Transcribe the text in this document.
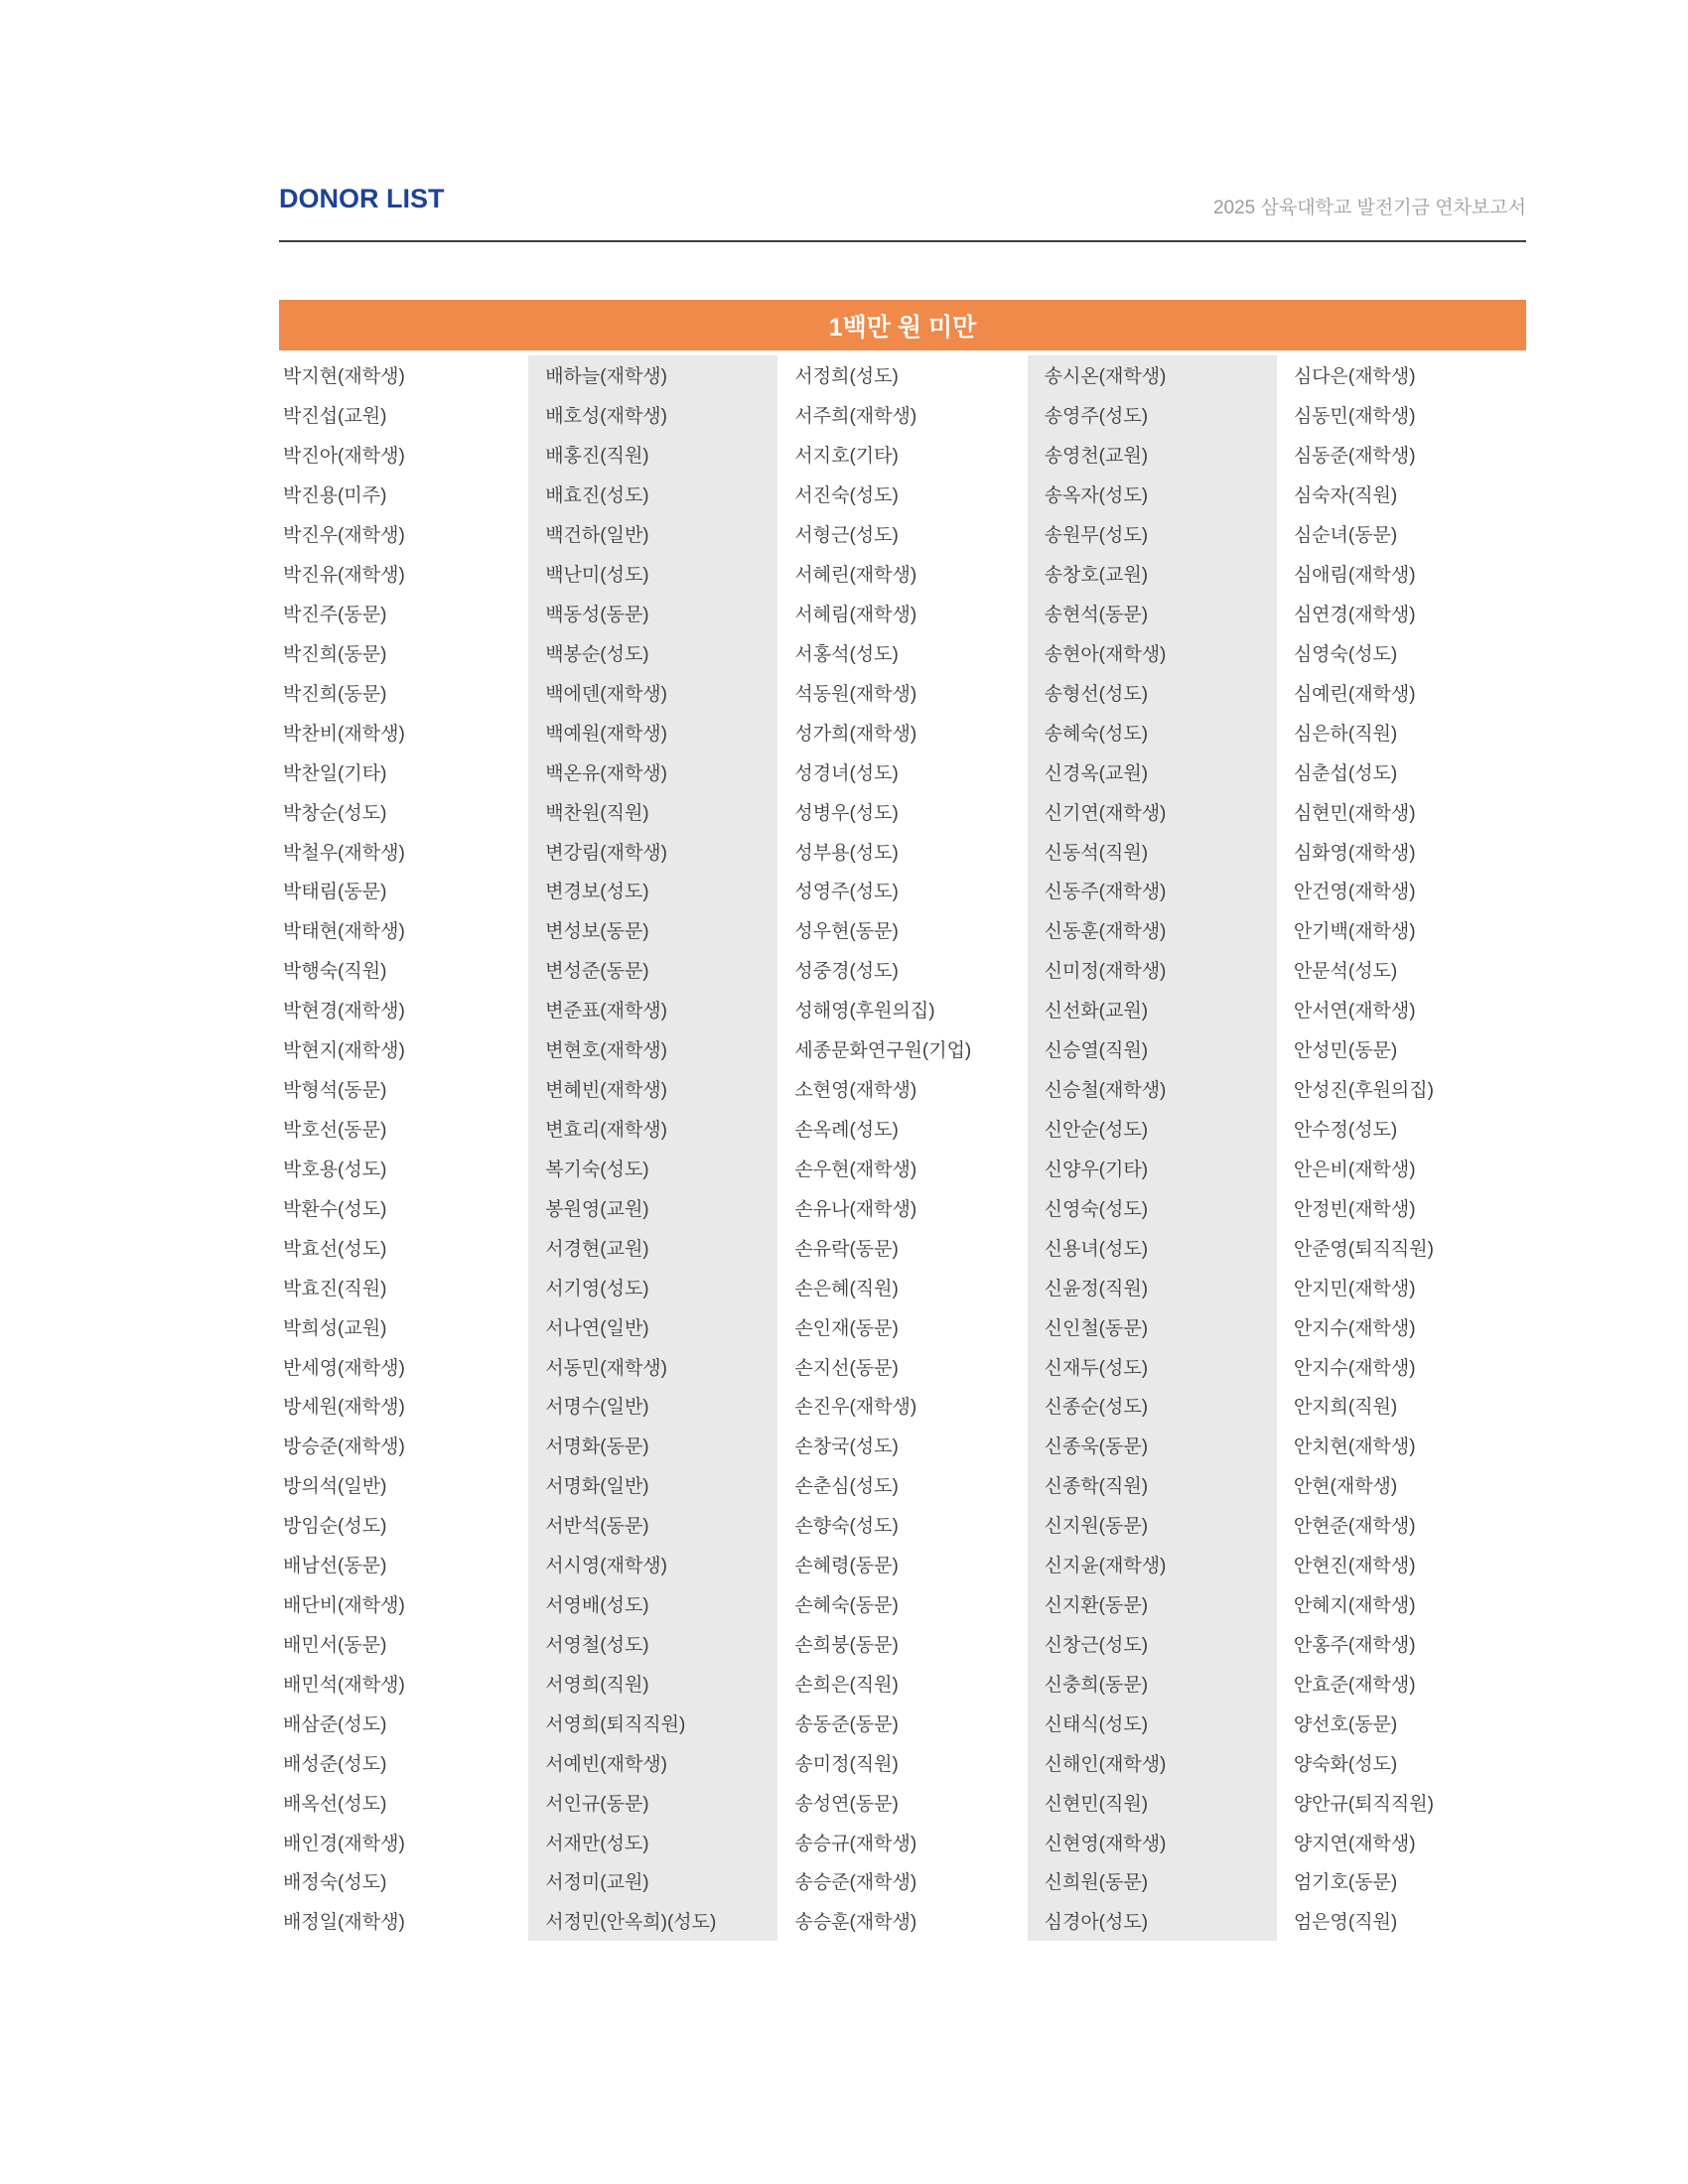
DONOR LIST	2025 삼육대학교 발전기금 연차보고서
1백만 원 미만
박지현(재학생)
박진섭(교원)
박진아(재학생)
박진용(미주)
박진우(재학생)
박진유(재학생)
박진주(동문)
박진희(동문)
박진희(동문)
박찬비(재학생)
박찬일(기타)
박창순(성도)
박철우(재학생)
박태림(동문)
박태현(재학생)
박행숙(직원)
박현경(재학생)
박현지(재학생)
박형석(동문)
박호선(동문)
박호용(성도)
박환수(성도)
박효선(성도)
박효진(직원)
박희성(교원)
반세영(재학생)
방세원(재학생)
방승준(재학생)
방의석(일반)
방임순(성도)
배남선(동문)
배단비(재학생)
배민서(동문)
배민석(재학생)
배삼준(성도)
배성준(성도)
배옥선(성도)
배인경(재학생)
배정숙(성도)
배정일(재학생)
배하늘(재학생)
배호성(재학생)
배홍진(직원)
배효진(성도)
백건하(일반)
백난미(성도)
백동성(동문)
백봉순(성도)
백에덴(재학생)
백예원(재학생)
백온유(재학생)
백찬원(직원)
변강림(재학생)
변경보(성도)
변성보(동문)
변성준(동문)
변준표(재학생)
변현호(재학생)
변혜빈(재학생)
변효리(재학생)
복기숙(성도)
봉원영(교원)
서경현(교원)
서기영(성도)
서나연(일반)
서동민(재학생)
서명수(일반)
서명화(동문)
서명화(일반)
서반석(동문)
서시영(재학생)
서영배(성도)
서영철(성도)
서영희(직원)
서영희(퇴직직원)
서예빈(재학생)
서인규(동문)
서재만(성도)
서정미(교원)
서정민(안옥희)(성도)
서정희(성도)
서주희(재학생)
서지호(기타)
서진숙(성도)
서형근(성도)
서혜린(재학생)
서혜림(재학생)
서홍석(성도)
석동원(재학생)
성가희(재학생)
성경녀(성도)
성병우(성도)
성부용(성도)
성영주(성도)
성우현(동문)
성중경(성도)
성해영(후원의집)
세종문화연구원(기업)
소현영(재학생)
손옥례(성도)
손우현(재학생)
손유나(재학생)
손유락(동문)
손은혜(직원)
손인재(동문)
손지선(동문)
손진우(재학생)
손창국(성도)
손춘심(성도)
손향숙(성도)
손혜령(동문)
손혜숙(동문)
손희붕(동문)
손희은(직원)
송동준(동문)
송미정(직원)
송성연(동문)
송승규(재학생)
송승준(재학생)
송승훈(재학생)
송시온(재학생)
송영주(성도)
송영천(교원)
송옥자(성도)
송원무(성도)
송창호(교원)
송현석(동문)
송현아(재학생)
송형선(성도)
송혜숙(성도)
신경옥(교원)
신기연(재학생)
신동석(직원)
신동주(재학생)
신동훈(재학생)
신미정(재학생)
신선화(교원)
신승열(직원)
신승철(재학생)
신안순(성도)
신양우(기타)
신영숙(성도)
신용녀(성도)
신윤정(직원)
신인철(동문)
신재두(성도)
신종순(성도)
신종욱(동문)
신종학(직원)
신지원(동문)
신지윤(재학생)
신지환(동문)
신창근(성도)
신충희(동문)
신태식(성도)
신해인(재학생)
신현민(직원)
신현영(재학생)
신희원(동문)
심경아(성도)
심다은(재학생)
심동민(재학생)
심동준(재학생)
심숙자(직원)
심순녀(동문)
심애림(재학생)
심연경(재학생)
심영숙(성도)
심예린(재학생)
심은하(직원)
심춘섭(성도)
심현민(재학생)
심화영(재학생)
안건영(재학생)
안기백(재학생)
안문석(성도)
안서연(재학생)
안성민(동문)
안성진(후원의집)
안수정(성도)
안은비(재학생)
안정빈(재학생)
안준영(퇴직직원)
안지민(재학생)
안지수(재학생)
안지수(재학생)
안지희(직원)
안치현(재학생)
안현(재학생)
안현준(재학생)
안현진(재학생)
안혜지(재학생)
안홍주(재학생)
안효준(재학생)
양선호(동문)
양숙화(성도)
양안규(퇴직직원)
양지연(재학생)
엄기호(동문)
엄은영(직원)
